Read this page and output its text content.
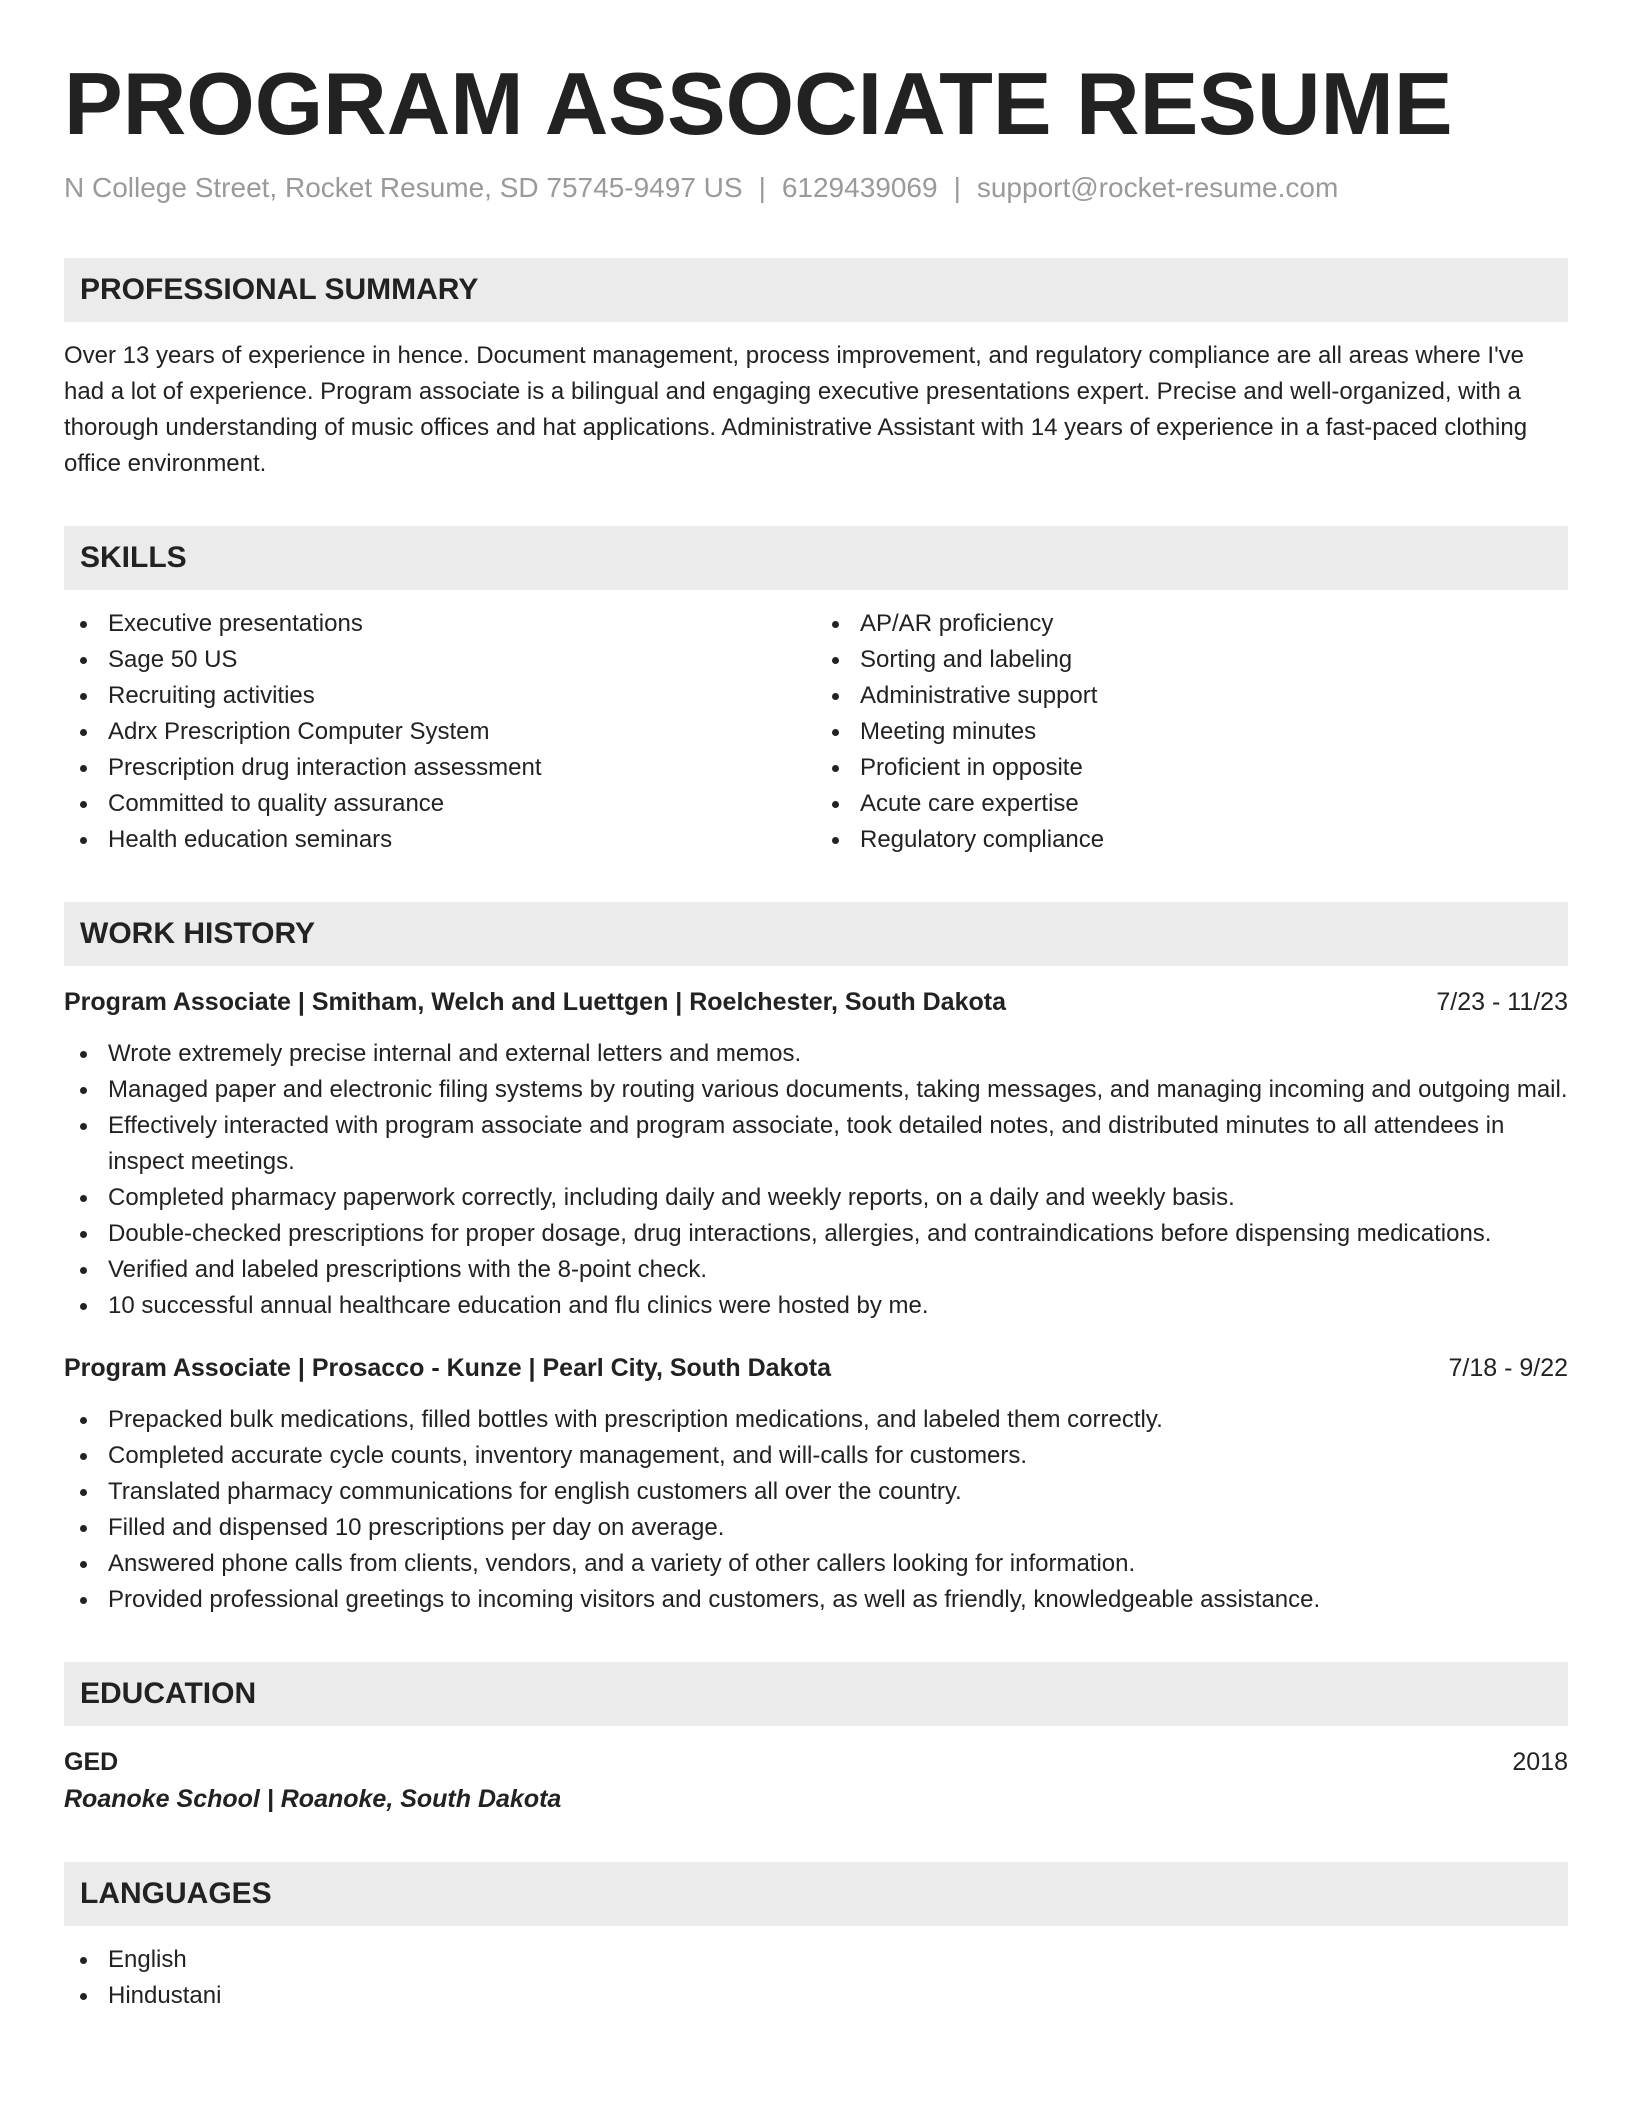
PROGRAM ASSOCIATE RESUME
N College Street, Rocket Resume, SD 75745-9497 US | 6129439069 | support@rocket-resume.com
PROFESSIONAL SUMMARY
Over 13 years of experience in hence. Document management, process improvement, and regulatory compliance are all areas where I've had a lot of experience. Program associate is a bilingual and engaging executive presentations expert. Precise and well-organized, with a thorough understanding of music offices and hat applications. Administrative Assistant with 14 years of experience in a fast-paced clothing office environment.
SKILLS
Executive presentations
Sage 50 US
Recruiting activities
Adrx Prescription Computer System
Prescription drug interaction assessment
Committed to quality assurance
Health education seminars
AP/AR proficiency
Sorting and labeling
Administrative support
Meeting minutes
Proficient in opposite
Acute care expertise
Regulatory compliance
WORK HISTORY
Program Associate | Smitham, Welch and Luettgen | Roelchester, South Dakota	7/23 - 11/23
Wrote extremely precise internal and external letters and memos.
Managed paper and electronic filing systems by routing various documents, taking messages, and managing incoming and outgoing mail.
Effectively interacted with program associate and program associate, took detailed notes, and distributed minutes to all attendees in inspect meetings.
Completed pharmacy paperwork correctly, including daily and weekly reports, on a daily and weekly basis.
Double-checked prescriptions for proper dosage, drug interactions, allergies, and contraindications before dispensing medications.
Verified and labeled prescriptions with the 8-point check.
10 successful annual healthcare education and flu clinics were hosted by me.
Program Associate | Prosacco - Kunze | Pearl City, South Dakota	7/18 - 9/22
Prepacked bulk medications, filled bottles with prescription medications, and labeled them correctly.
Completed accurate cycle counts, inventory management, and will-calls for customers.
Translated pharmacy communications for english customers all over the country.
Filled and dispensed 10 prescriptions per day on average.
Answered phone calls from clients, vendors, and a variety of other callers looking for information.
Provided professional greetings to incoming visitors and customers, as well as friendly, knowledgeable assistance.
EDUCATION
GED	2018
Roanoke School | Roanoke, South Dakota
LANGUAGES
English
Hindustani
